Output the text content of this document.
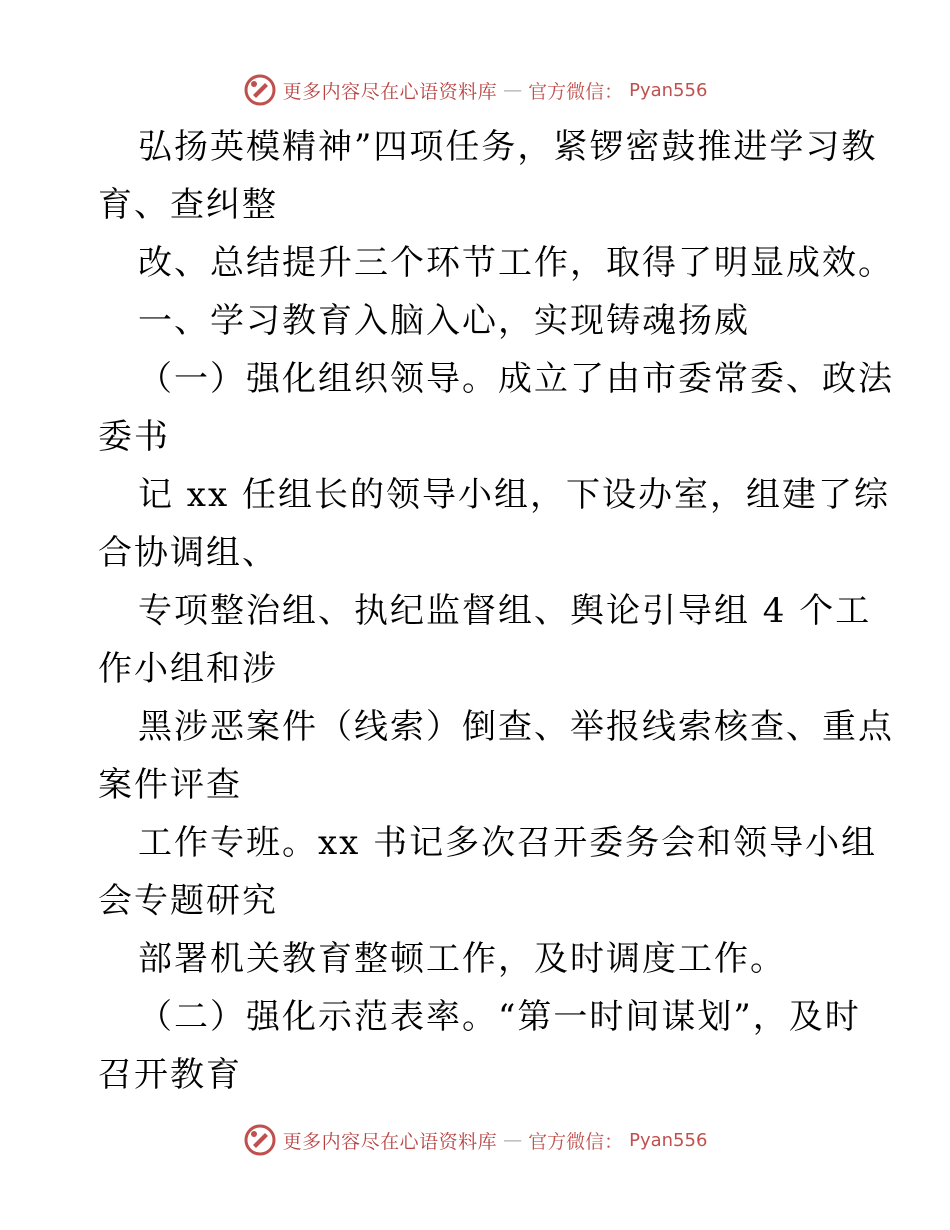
更多内容尽在心语资料库 — 官方微信： Pyan556
弘扬英模精神”四项任务，紧锣密鼓推进学习教
育、查纠整
改、总结提升三个环节工作，取得了明显成效。
一、学习教育入脑入心，实现铸魂扬威
（一）强化组织领导。成立了由市委常委、政法
委书
记 xx 任组长的领导小组，下设办室，组建了综
合协调组、
专项整治组、执纪监督组、舆论引导组 4 个工
作小组和涉
黑涉恶案件（线索）倒查、举报线索核查、重点
案件评查
工作专班。xx 书记多次召开委务会和领导小组
会专题研究
部署机关教育整顿工作，及时调度工作。
（二）强化示范表率。“第一时间谋划”，及时
召开教育
更多内容尽在心语资料库 — 官方微信： Pyan556
